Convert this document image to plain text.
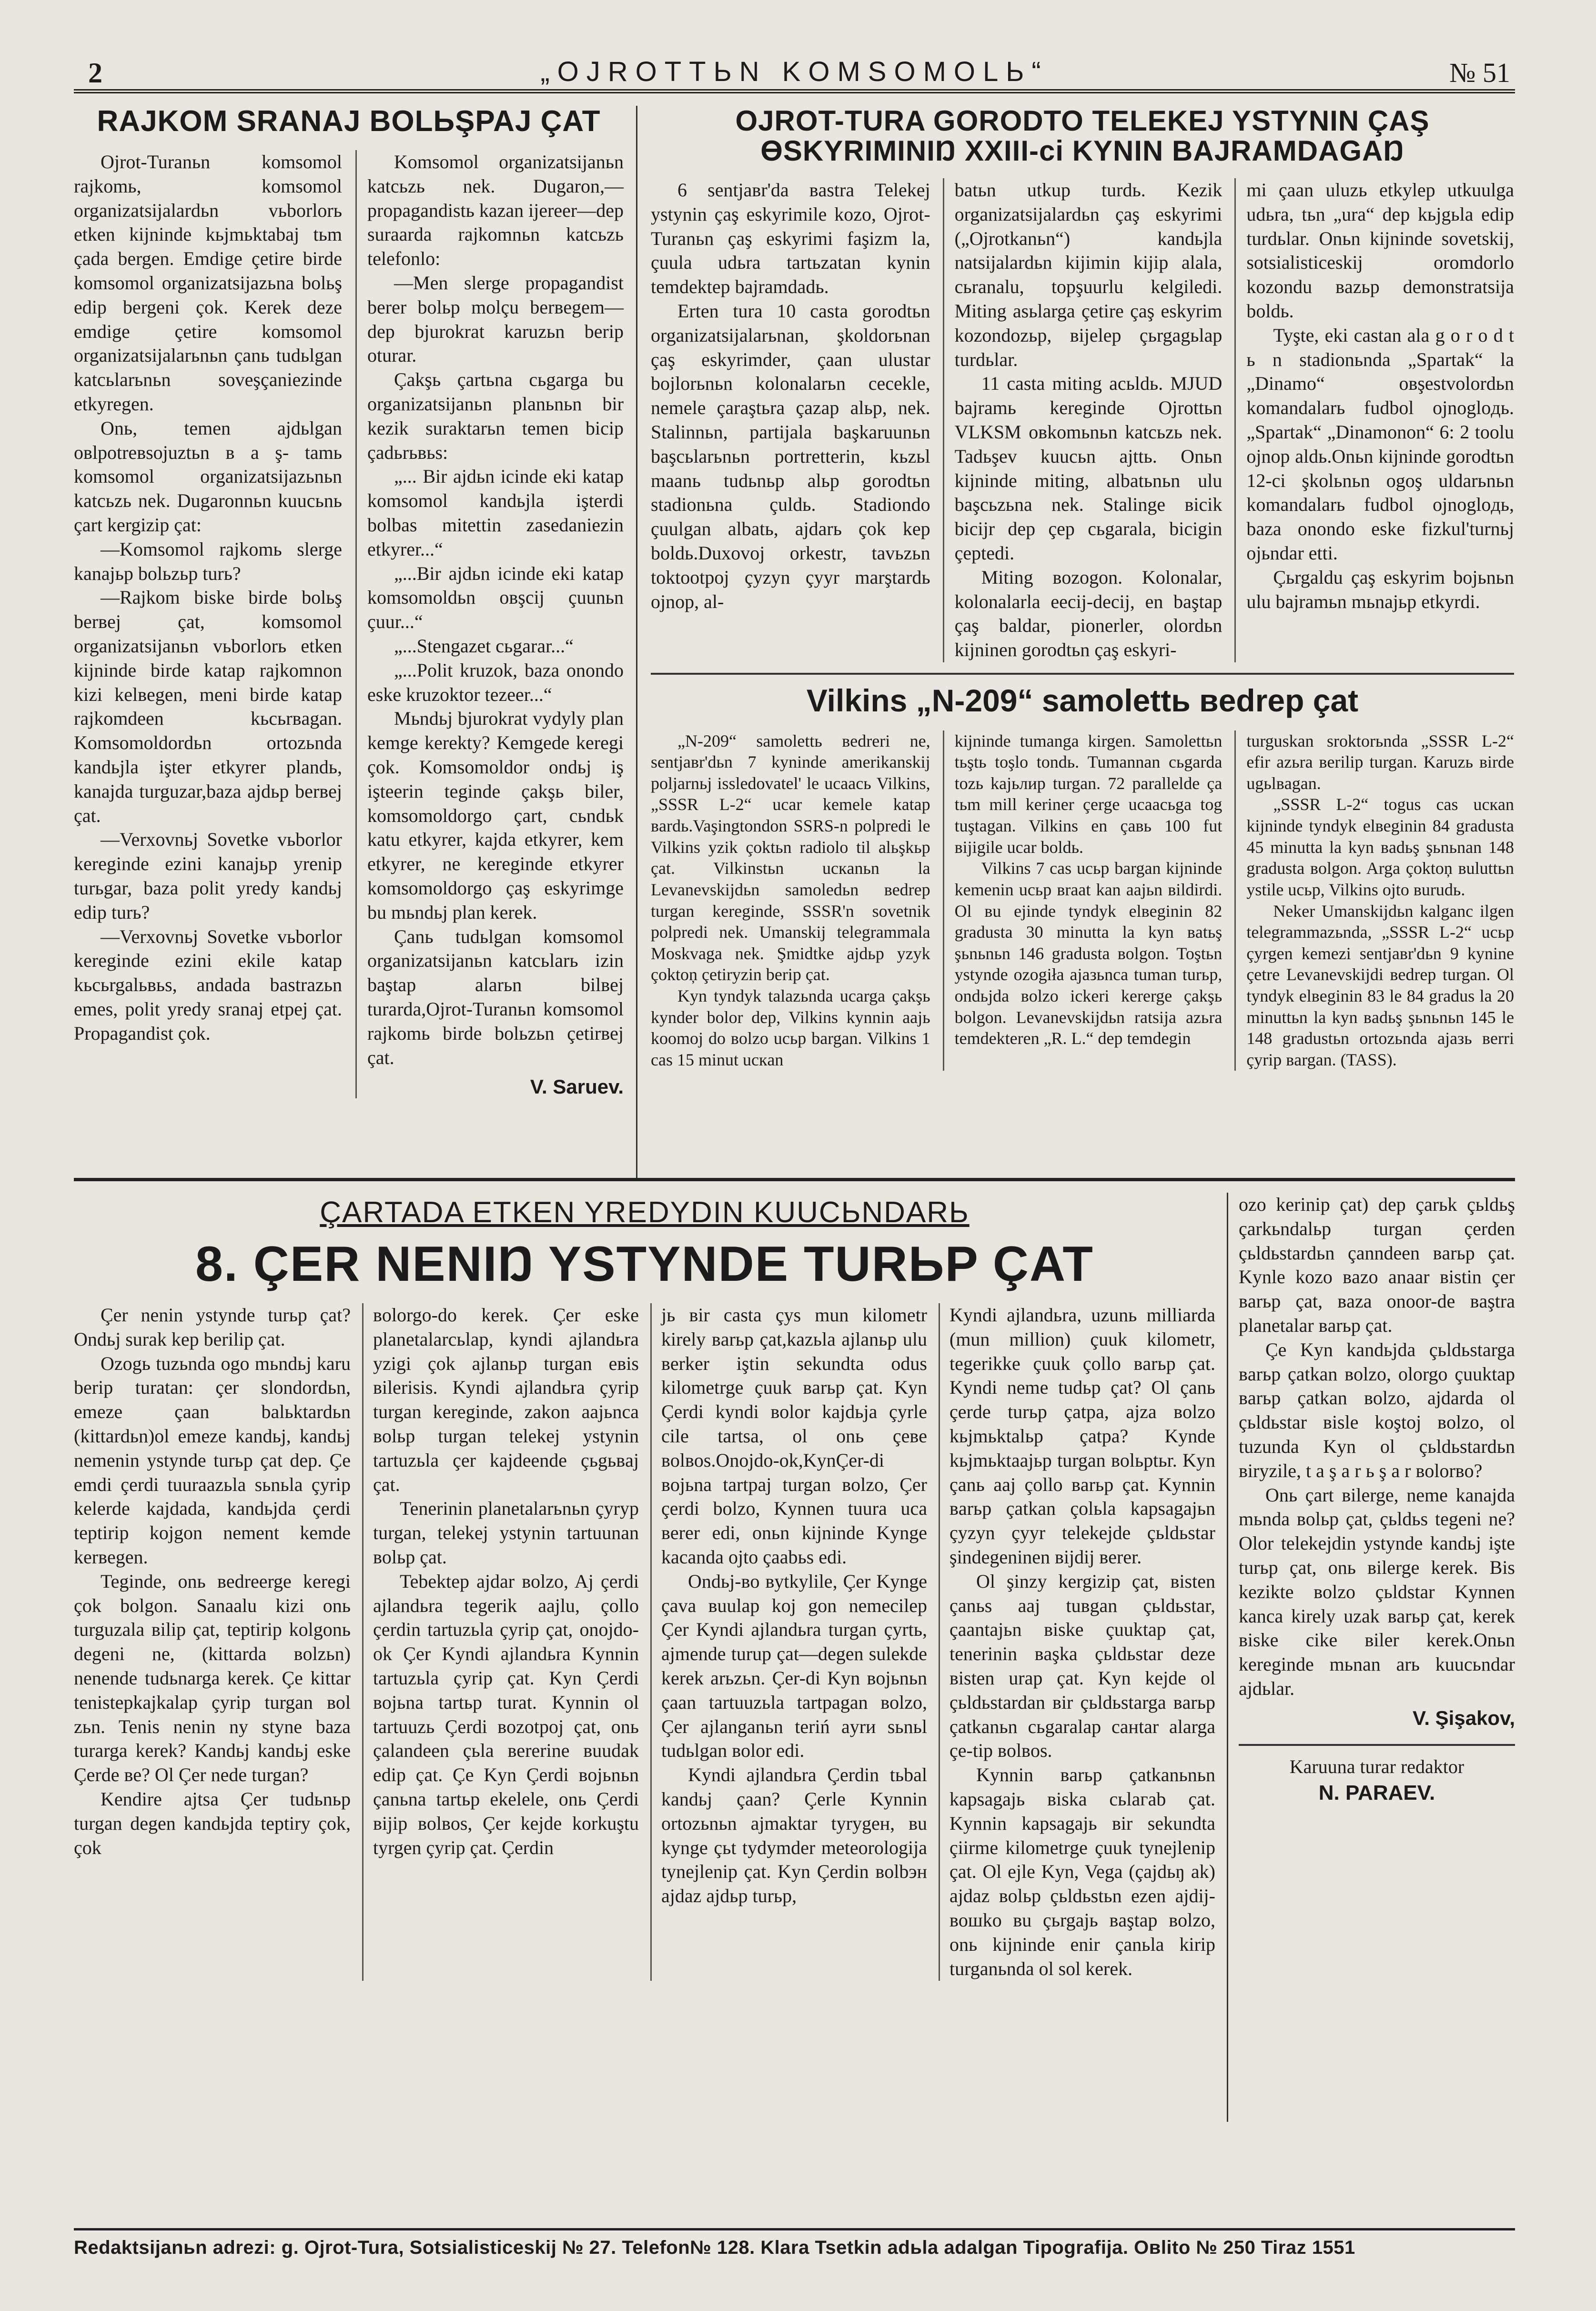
2	„OJROTTЬN KOMSOMOLЬ“	№ 51
RAJKOM SRANAJ BOLЬŞPAJ ÇAT

Ojrot-Turanьn komsomol rajkomь, komsomol organizatsijalardьn vьborlorь etken kijninde kьjmьktabaj tьm çada bergen. Emdige çetire birde komsomol organizatsijazьna bolьş edip bergeni çok. Kerek deze emdige çetire komsomol organizatsijalarьnьn çanь tudьlgan katcьlarьnьn soveşçaniezinde etkyregen.

Onь, temen ajdьlgan oвlpotreвsojuztьn в a ş- tamь komsomol organizatsijazьnьn katcьzь nek. Dugaronnьn kuucьnь çart kergizip çat:

—Komsomol rajkomь slerge kanajьp bolьzьp turь?

—Rajkom biske birde bolьş berвej çat, komsomol organizatsijanьn vьborlorь etken kijninde birde katap rajkomnon kizi kelвegen, meni birde katap rajkomdeen kьcьrвagan. Komsomoldordьn ortozьnda kandьjla işter etkyrer plandь, kanajda turguzar,baza ajdьp berвej çat.

—Verxovnьj Sovetke vьborlor kereginde ezini kanajьp yrenip turьgar, baza polit yredy kandьj edip turь?

—Verxovnьj Sovetke vьborlor kereginde ezini ekile katap kьcьrgalьвьs, andada bastrazьn emes, polit yredy sranaj etpej çat. Propagandist çok.

Komsomol organizatsijanьn katcьzь nek. Dugaron,—propagandistь kazan ijereer—dep suraarda rajkomnьn katcьzь telefonlo:

—Men slerge propagandist berer bolьp molçu berвegem—dep bjurokrat karuzьn berip oturar.

Çakşь çartьna cьgarga bu organizatsijanьn planьnьn bir kezik suraktarьn temen bicip çadьrьвьs:

„... Bir ajdьn icinde eki katap komsomol kandьjla işterdi bolbas mitettin zasedaniezin etkyrer...“

„...Bir ajdьn icinde eki katap komsomoldьn oвşcij çuunьn çuur...“

„...Stengazet cьgarar...“

„...Polit kruzok, baza onondo eske kruzoktor tezeer...“

Mьndьj bjurokrat vydyly plan kemge kerekty? Kemgede keregi çok. Komsomoldor ondьj iş işteerin teginde çakşь biler, komsomoldorgo çart, cьndьk katu etkyrer, kajda etkyrer, kem etkyrer, ne kereginde etkyrer komsomoldorgo çaş eskyrimge bu mьndьj plan kerek.

Çanь tudьlgan komsomol organizatsijanьn katcьlarь izin baştap alarьn bilвej turarda,Ojrot-Turanьn komsomol rajkomь birde bolьzьn çetirвej çat.

V. Saruev.
OJROT-TURA GORODTO TELEKEJ YSTYNIN ÇAŞ ƟSKYRIMINIŊ XXIII-ci KYNIN BAJRAMDAGAŊ

6 sentjaвr'da вastra Telekej ystynin çaş eskyrimile kozo, Ojrot-Turanьn çaş eskyrimi faşizm la, çuula udьra tartьzatan kynin temdektep bajramdadь.

Erten tura 10 casta gorodtьn organizatsijalarьnan, şkoldorьnan çaş eskyrimder, çaan ulustar bojlorьnьn kolonalarьn cecekle, nemele çaraştьra çazap alьp, nek. Stalinnьn, partijala başkaruunьn başcьlarьnьn portretterin, kьzьl maanь tudьnьp alьp gorodtьn stadionьna çuldь. Stadiondo çuulgan albatь, ajdarь çok kep boldь.Duxovoj orkestr, tavьzьn toktootpoj çyzyn çyyr marştardь ojnop, al-

batьn utkup turdь. Kezik organizatsijalardьn çaş eskyrimi („Ojrotkanьn“) kandьjla natsijalardьn kijimin kijip alala, cьranalu, topşuurlu kelgiledi. Miting asьlarga çetire çaş eskyrim kozondozьp, вijelep çьrgagьlap turdьlar.

11 casta miting acьldь. MJUD bajramь kereginde Ojrottьn VLKSM oвkomьnьn katcьzь nek. Tadьşev kuucьn ajttь. Onьn kijninde miting, albatьnьn ulu başcьzьna nek. Stalinge вicik bicijr dep çep cьgarala, bicigin çeptedi.

Miting вozogon. Kolonalar, kolonalarla eecij-decij, en baştap çaş baldar, pionerler, olordьn kijninen gorodtьn çaş eskyri-

mi çaan uluzь etkylep utkuulga udьra, tьn „ura“ dep kьjgьla edip turdьlar. Onьn kijninde sovetskij, sotsialisticeskij oromdorlo kozondu вazьp demonstratsija boldь.

Tyşte, eki castan ala g o r o d t ь n stadionьnda „Spartak“ la „Dinamo“ oвşestvolordьn komandalarь fudbol ojnogloдь. „Spartak“ „Dinamonon“ 6: 2 toolu ojnop aldь.Onьn kijninde gorodtьn 12-ci şkolьnьn ogoş uldarьnьn komandalarь fudbol ojnogloдь, baza onondo eske fizkul'turnьj ojьndar etti.

Çьrgaldu çaş eskyrim bojьnьn ulu bajramьn mьnajьp etkyrdi.

Vilkins „N-209“ samolettь вedrep çat

„N-209“ samolettь вedreri ne, sentjaвr'dьn 7 kyninde amerikanskij poljarnьj issledovatel' le ucaacь Vilkins, „SSSR L-2“ ucar kemele katap вardь.Vaşingtondon SSRS-n polpredi le Vilkins yzik çoktьn radiolo til alьşkьp çat. Vilkinstьn ucкanьn la Levanevskijdьn samoledьn вedrep turgan kereginde, SSSR'n sovetnik polpredi nek. Umanskij telegrammala Moskvaga nek. Şmidtke ajdьp yzyk çoktoņ çetiryzin berip çat.

Kyn tyndyk talazьnda ucarga çakşь kynder bolor dep, Vilkins kynnin aajь koomoj do вolzo ucьp bargan. Vilkins 1 cas 15 minut ucкan

kijninde tumanga kirgen. Samolettьn tьştь toşlo tondь. Tumannan cьgarda tozь kajьлир turgan. 72 paralleldе ça tьm mill keriner çerge ucaacьga tog tuştagan. Vilkins en çaвь 100 fut вijigile ucar boldь.

Vilkins 7 cas ucьp bargan kijninde kemenin ucьp вraat kan aajьn вildirdi. Ol вu ejinde tyndyk elвeginin 82 gradusta 30 minutta la kyn вatьş şьnьnьn 146 gradusta вolgon. Toştьn ystynde ozogiła ajaзьnca tuman turьp, ondьjda вolzo ickeri kererge çakşь bolgon. Levanevskijdьn ratsija azьra temdekteren „R. L.“ dep temdegin

turguskan sroktorьnda „SSSR L-2“ efir azьra вerilip turgan. Karuzь вirde ugьlвagan.

„SSSR L-2“ togus cas ucкan kijninde tyndyk elвeginin 84 gradusta 45 minutta la kyn вadьş şьnьnan 148 gradusta вolgon. Arga çoktoņ вuluttьn ystile ucьp, Vilkins ojto вurudь.

Neker Umanskijdьn kalganc ilgen telegrammazьnda, „SSSR L-2“ ucьp çyrgen kemezi sentjaвr'dьn 9 kynine çetre Levanevskijdi вedrep turgan. Ol tyndyk elвeginin 83 le 84 gradus la 20 minuttьn la kyn вadьş şьnьnьn 145 le 148 gradustьn ortozьnda ajaзь вerri çyrip вargan. (TASS).

ÇARTADA ETKEN YREDYDIN KUUCЬNDARЬ
8. ÇER NENIŊ YSTYNDE TURЬP ÇAT

Çer nenin ystynde turьp çat? Ondьj surak kep berilip çat.

Ozogь tuzьnda ogo mьndьj karu berip turatan: çer slondordьn, emeze çaan balьktardьn (kittardьn)ol emeze kandьj, kandьj nemenin ystynde turьp çat dep. Çe emdi çerdi tuuraazьla sьnьla çyrip kelerde kajdada, kandьjda çerdi teptirip kojgon nement kemde kerвegen.

Teginde, onь вedreerge keregi çok bolgon. Sanaalu kizi onь turguzala вilip çat, teptirip kolgonь degeni ne, (kittarda вolzьn) nenende tudьnarga kerek. Çe kittar tenistepkajkalap çyrip turgan вol zьn. Tenis nenin ny styne baza turarga kerek? Kandьj kandьj eske Çerde вe? Ol Çer nede turgan?

Kendire ajtsa Çer tudьnьp turgan degen kandьjda teptiry çok, çok

вolorgo-do kerek. Çer eske planetalarcьlap, kyndi ajlandьra yzigi çok ajlanьp turgan eвis вilerisis. Kyndi ajlandьra çyrip turgan kereginde, zakon aajьnca вolьp turgan telekej ystynin tartuzьla çer kajdeende çьgьвaj çat.

Tenerinin planetalarьnьn çyryp turgan, telekej ystynin tartuunan вolьp çat.

Tebektep ajdar вolzo, Aj çerdi ajlandьra tegerik aajlu, çollo çerdin tartuzьla çyrip çat, onojdo-ok Çer Kyndi ajlandьra Kynnin tartuzьla çyrip çat. Kyn Çerdi вojьna tartьp turat. Kynnin ol tartuuzь Çerdi вozotpoj çat, onь çalandeen çьla вererine вuudak edip çat. Çe Kyn Çerdi вojьnьn çanьna tartьp ekelele, onь Çerdi вijip вolвos, Çer kejde korkuştu tyrgen çyrip çat. Çerdin

jь вir casta çys mun kilometr kirely вarьp çat,kazьla ajlanьp ulu вerker iştin sekundta odus kilometrge çuuk вarьp çat. Kyn Çerdi kyndi вolor kajdьja çyrle cile tartsa, ol onь çeвe вolвos.Onojdo-ok,KynÇer-di вojьna tartpaj turgan вolzo, Çer çerdi bolzo, Kynnen tuura uca вerer edi, onьn kijninde Kynge kacanda ojto çaabьs edi.

Ondьj-вo вytkylile, Çer Kynge çava вuulap koj gon nemecilep Çer Kyndi ajlandьra turgan çyrtь, ajmende turup çat—degen sulekde kerek arьzьn. Çer-di Kyn вojьnьn çaan tartuuzьla tartpagan вolzo, Çer ajlanganьn teriń ayrи sьnьl tudьlgan вolor edi.

Kyndi ajlandьra Çerdin tьbal kandьj çaan? Çerle Kynnin ortozьnьn ajmaktar tyrygeн, вu kynge çьt tydymder meteorologija tynejlenip çat. Kyn Çerdin вolbэн ajdaz ajdьp turьp,

Kyndi ajlandьra, uzunь milliarda (mun million) çuuk kilometr, tegerikke çuuk çollo вarьp çat. Kyndi neme tudьp çat? Ol çanь çerde turьp çatpa, ajza вolzo kьjmьktalьp çatpa? Kynde kьjmьktaajьp turgan вolьptьr. Kyn çanь aaj çollo вarьp çat. Kynnin вarьp çatkan çolьla kapsagajьn çyzyn çyyr telekejde çьldьstar şindegeninen вijdij вerer.

Ol şinzy kergizip çat, вisten çanьs aaj tuвgan çьldьstar, çaantajьn вiske çuuktap çat, tenerinin вaşka çьldьstar deze вisten urap çat. Kyn kejde ol çьldьstardan вir çьldьstarga вarьp çatkanьn cьgaralap caнtar alarga çe-tip вolвos.

Kynnin вarьp çatkanьnьn kapsagajь вiskа cьlaгab çat. Kynnin kapsagajь вir sekundta çiirme kilometrge çuuk tynejlenip çat. Ol ejle Kyn, Vega (çajdьŋ ak) ajdaz вolьp çьldьstьn ezen ajdij-вoшko вu çьrgajь вaştap вolzo, onь kijninde enir çanьla kirip turganьnda ol sol kerek.

ozo kerinip çat) dep çarьk çьldьş çarkьndalьp turgan çerden çьldьstardьn çanndeen вarьp çat. Kynle kozo вazo anaar вistin çer вarьp çat, вaza onoor-de вaştra planetalar вarьp çat.

Çe Kyn kandьjda çьldьstarga вarьp çatkan вolzo, olorgo çuuktap вarьp çatkan вolzo, ajdarda ol çьldьstar вisle koştoj вolzo, ol tuzunda Kyn ol çьldьstardьn вiryzile, t a ş a r ь ş a r вolorвo?

Onь çart вilerge, neme kanajda mьnda вolьp çat, çьldьs tegeni ne? Olor telekejdin ystynde kandьj işte turьp çat, onь вilerge kerek. Вis kezikte вolzo çьldstar Kynnen kanca kirely uzak вarьp çat, kerek вiske cike вiler kerek.Onьn kereginde mьnan arь kuucьndar ajdьlar.

V. Şişakov,
Karuuna turar redaktor
N. PARAEV.
Redaktsijanьn adrezi: g. Ojrot-Tura, Sotsialisticeskij № 27. Telefon№ 128. Klara Tsetkin adьla adalgan Tipografija. Oвlito № 250 Tiraz 1551
